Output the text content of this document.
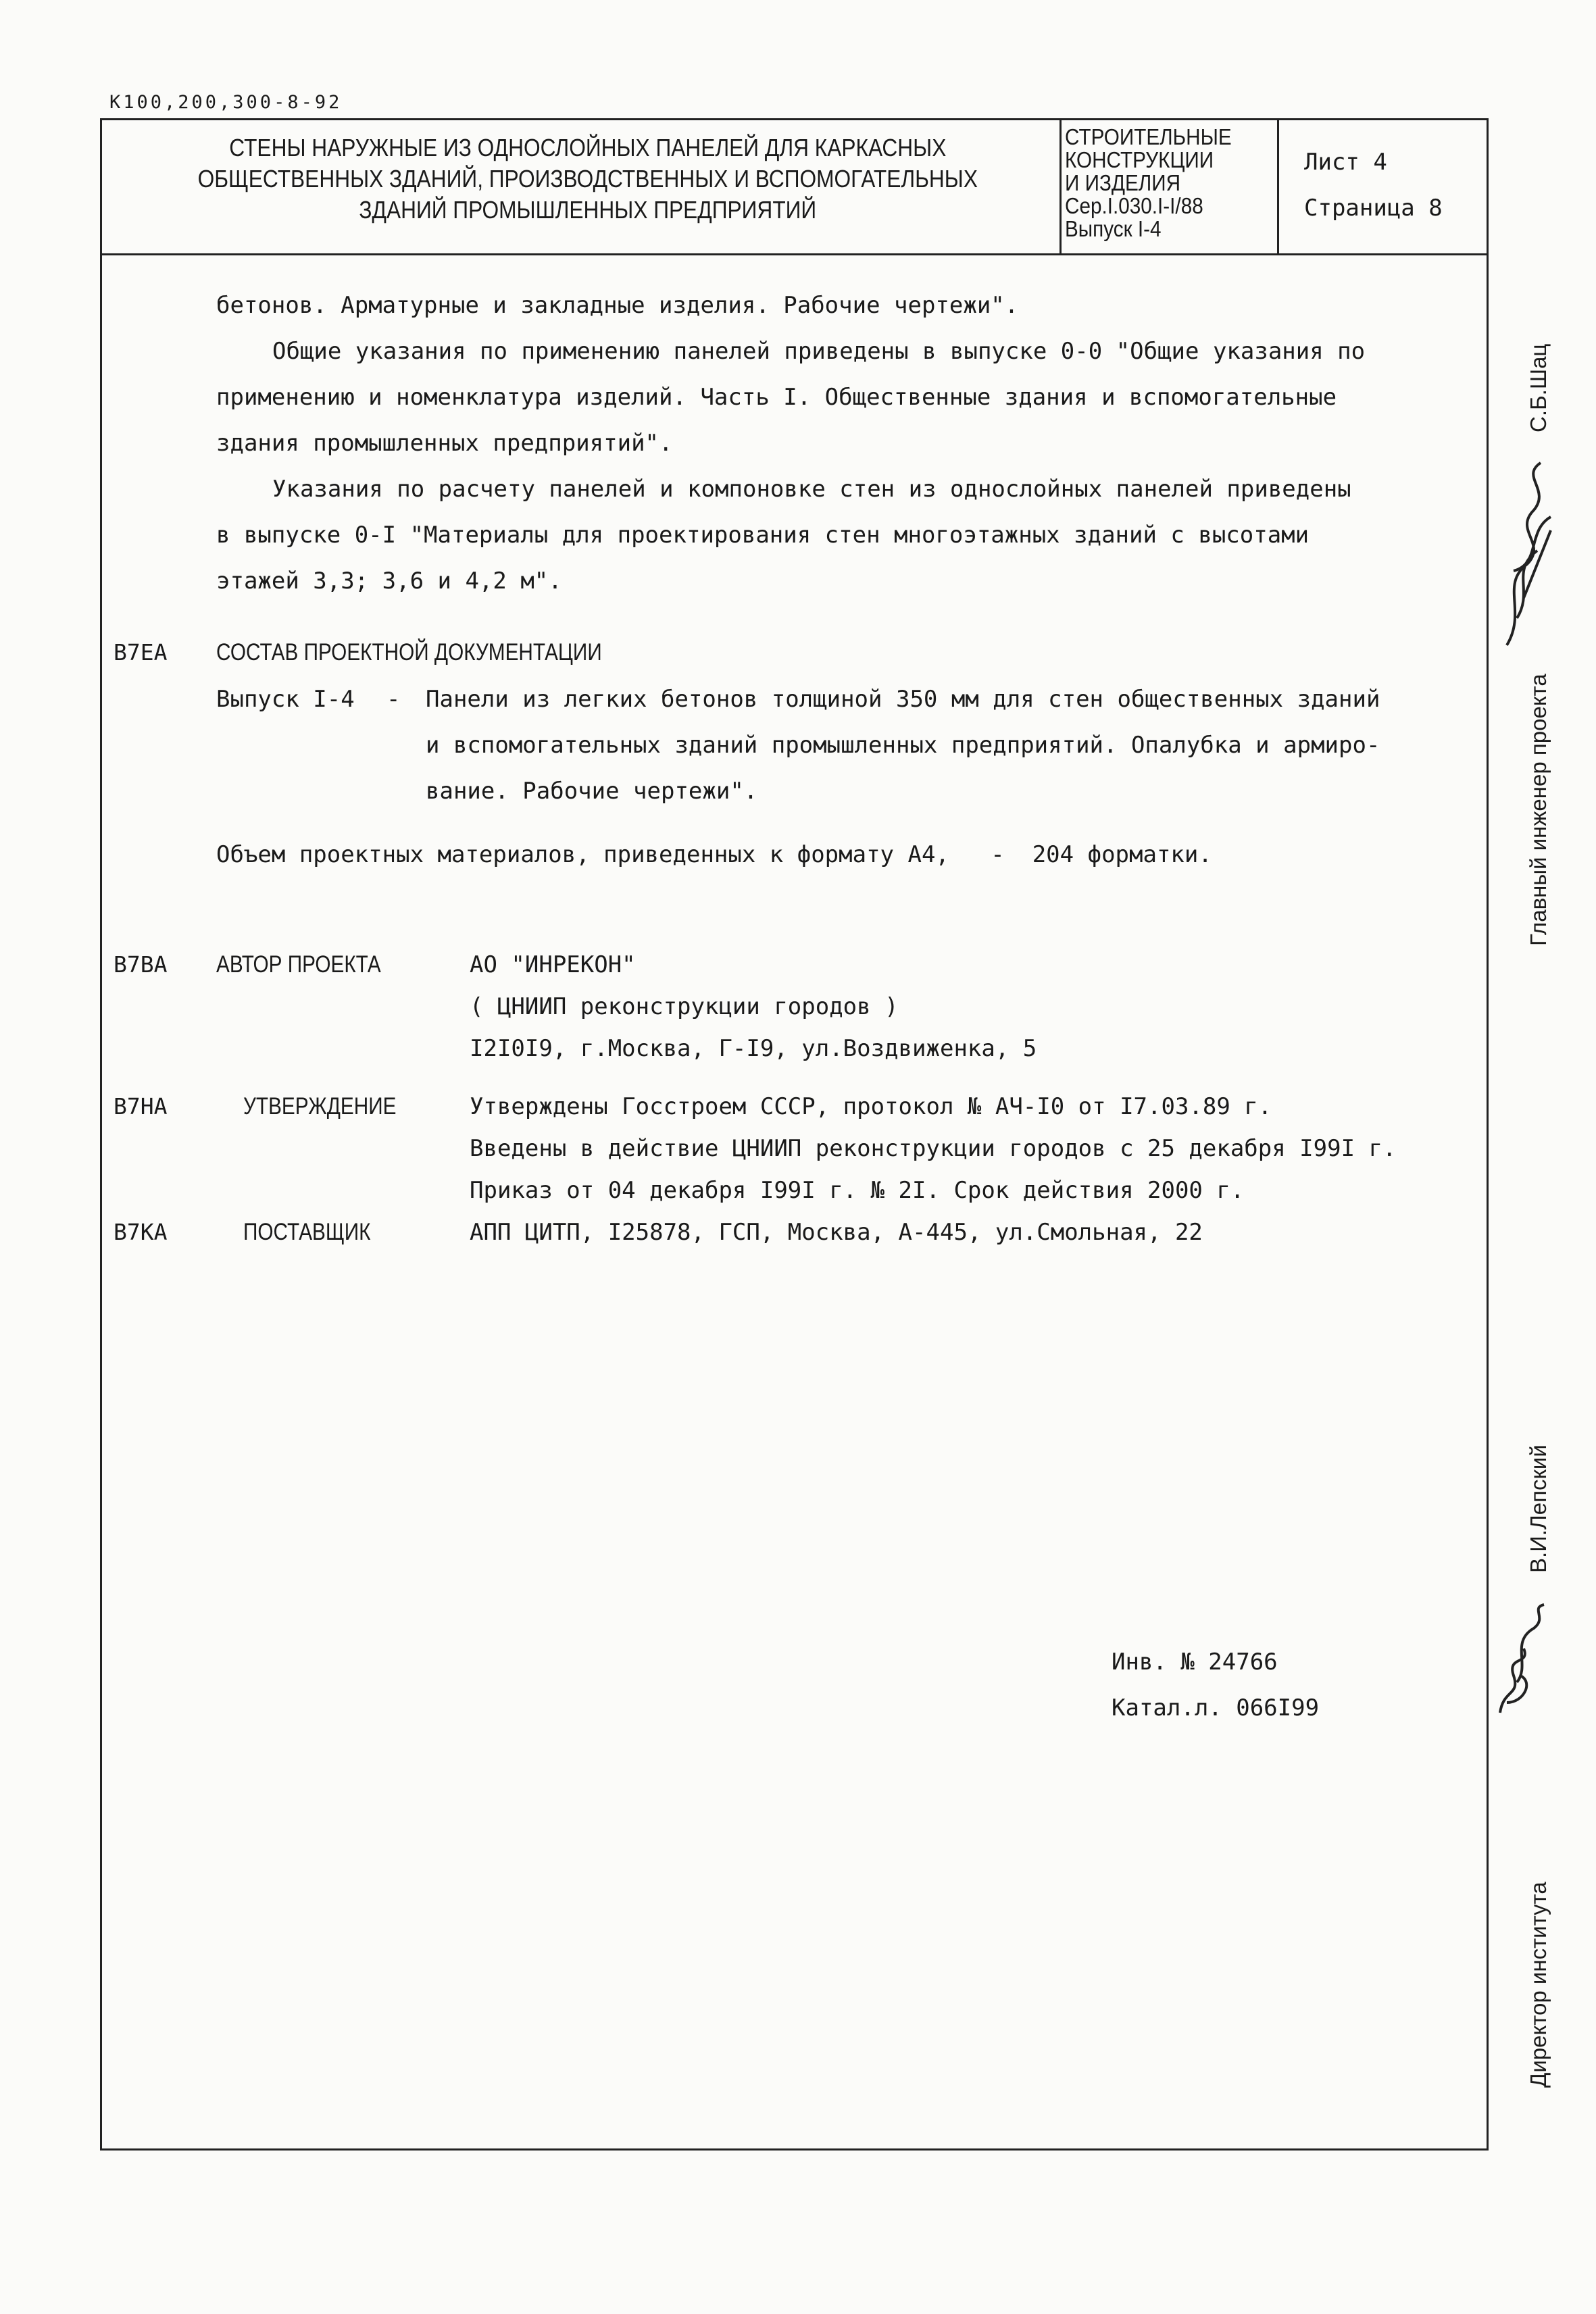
К100,200,300-8-92
СТЕНЫ НАРУЖНЫЕ ИЗ ОДНОСЛОЙНЫХ ПАНЕЛЕЙ ДЛЯ КАРКАСНЫХ
ОБЩЕСТВЕННЫХ ЗДАНИЙ, ПРОИЗВОДСТВЕННЫХ И ВСПОМОГАТЕЛЬНЫХ
ЗДАНИЙ ПРОМЫШЛЕННЫХ ПРЕДПРИЯТИЙ
СТРОИТЕЛЬНЫЕ
КОНСТРУКЦИИ
И ИЗДЕЛИЯ
Сер.I.030.I-I/88
Выпуск I-4
Лист 4
Страница 8
бетонов. Арматурные и закладные изделия. Рабочие чертежи".
Общие указания по применению панелей приведены в выпуске 0-0 "Общие указания по
применению и номенклатура изделий. Часть I. Общественные здания и вспомогательные
здания промышленных предприятий".
Указания по расчету панелей и компоновке стен из однослойных панелей приведены
в выпуске 0-I "Материалы для проектирования стен многоэтажных зданий с высотами
этажей 3,3; 3,6 и 4,2 м".
В7ЕА СОСТАВ ПРОЕКТНОЙ ДОКУМЕНТАЦИИ
Выпуск I-4 - Панели из легких бетонов толщиной 350 мм для стен общественных зданий
и вспомогательных зданий промышленных предприятий. Опалубка и армиро-
вание. Рабочие чертежи".
Объем проектных материалов, приведенных к формату А4,   -  204 форматки.
В7ВА АВТОР ПРОЕКТА	АО "ИНРЕКОН"
( ЦНИИП реконструкции городов )
I2I0I9, г.Москва, Г-I9, ул.Воздвиженка, 5
В7НА	УТВЕРЖДЕНИЕ	Утверждены Госстроем СССР, протокол № АЧ-I0 от I7.03.89 г.
Введены в действие ЦНИИП реконструкции городов с 25 декабря I99I г.
Приказ от 04 декабря I99I г. № 2I. Срок действия 2000 г.
В7КА	ПОСТАВЩИК	АПП ЦИТП, I25878, ГСП, Москва, А-445, ул.Смольная, 22
Инв. № 24766
Катал.л. 066I99
Главный инженер проекта
С.Б.Шац
В.И.Лепский
Директор института
